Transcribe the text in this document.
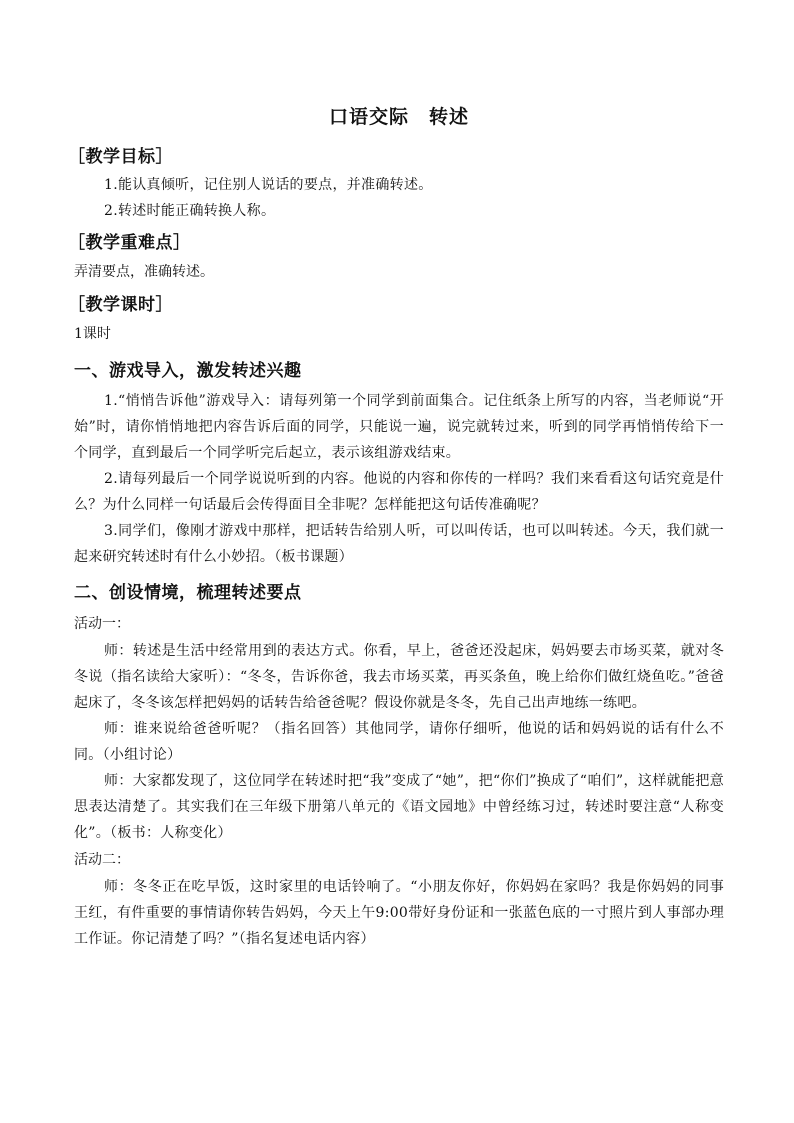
口语交际　转述
［教学目标］

1.能认真倾听，记住别人说话的要点，并准确转述。

2.转述时能正确转换人称。

［教学重难点］

弄清要点，准确转述。

［教学课时］

1课时

一、游戏导入，激发转述兴趣

1.“悄悄告诉他”游戏导入：请每列第一个同学到前面集合。记住纸条上所写的内容，当老师说“开始”时，请你悄悄地把内容告诉后面的同学，只能说一遍，说完就转过来，听到的同学再悄悄传给下一个同学，直到最后一个同学听完后起立，表示该组游戏结束。

2.请每列最后一个同学说说听到的内容。他说的内容和你传的一样吗？我们来看看这句话究竟是什么？为什么同样一句话最后会传得面目全非呢？怎样能把这句话传准确呢？

3.同学们，像刚才游戏中那样，把话转告给别人听，可以叫传话，也可以叫转述。今天，我们就一起来研究转述时有什么小妙招。（板书课题）

二、创设情境，梳理转述要点

活动一：

师：转述是生活中经常用到的表达方式。你看，早上，爸爸还没起床，妈妈要去市场买菜，就对冬冬说（指名读给大家听）：“冬冬，告诉你爸，我去市场买菜，再买条鱼，晚上给你们做红烧鱼吃。”爸爸起床了，冬冬该怎样把妈妈的话转告给爸爸呢？假设你就是冬冬，先自己出声地练一练吧。

师：谁来说给爸爸听呢？（指名回答）其他同学，请你仔细听，他说的话和妈妈说的话有什么不同。（小组讨论）

师：大家都发现了，这位同学在转述时把“我”变成了“她”，把“你们”换成了“咱们”，这样就能把意思表达清楚了。其实我们在三年级下册第八单元的《语文园地》中曾经练习过，转述时要注意“人称变化”。（板书：人称变化）

活动二：

师：冬冬正在吃早饭，这时家里的电话铃响了。“小朋友你好，你妈妈在家吗？我是你妈妈的同事王红，有件重要的事情请你转告妈妈，今天上午9:00带好身份证和一张蓝色底的一寸照片到人事部办理工作证。你记清楚了吗？”（指名复述电话内容）
